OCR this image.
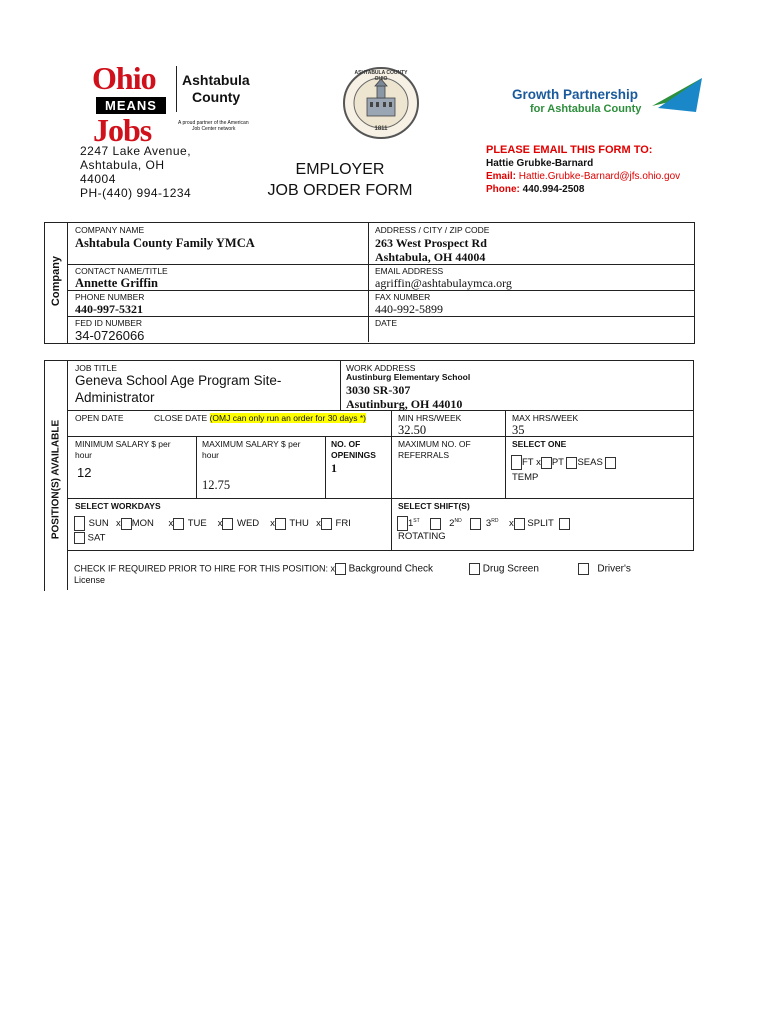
Ohio
MEANS
Jobs
Ashtabula
County
A proud partner of the American
Job Center network
ASHTABULA COUNTY OHIO
1811
Growth Partnership
for Ashtabula County
2247 Lake Avenue,
Ashtabula, OH
44004
PH-(440) 994-1234
EMPLOYER
JOB ORDER FORM
PLEASE EMAIL THIS FORM TO:
Hattie Grubke-Barnard
Email: Hattie.Grubke-Barnard@jfs.ohio.gov
Phone: 440.994-2508
Company
COMPANY NAME
Ashtabula County Family YMCA
ADDRESS / CITY / ZIP CODE
263 West Prospect Rd
Ashtabula, OH 44004
CONTACT NAME/TITLE
Annette Griffin
EMAIL ADDRESS
agriffin@ashtabulaymca.org
PHONE NUMBER
440-997-5321
FAX NUMBER
440-992-5899
FED ID NUMBER
34-0726066
DATE
POSITION(S) AVAILABLE
JOB TITLE
Geneva School Age Program Site-
Administrator
WORK ADDRESS
Austinburg Elementary School
3030 SR-307
Asutinburg, OH 44010
OPEN DATE	CLOSE DATE (OMJ can only run an order for 30 days *)	MIN HRS/WEEK
32.50
MAX HRS/WEEK
35
MINIMUM SALARY $ per
hour
12
MAXIMUM SALARY $ per
hour
12.75
NO. OF
OPENINGS
1
MAXIMUM NO. OF
REFERRALS
SELECT ONE
FT x PT SEAS
TEMP
SELECT WORKDAYS
SUN x MON x TUE x WED x THU x FRI
SAT
SELECT SHIFT(S)
1ST	2ND	3RD x SPLIT
ROTATING
CHECK IF REQUIRED PRIOR TO HIRE FOR THIS POSITION: x Background Check	Drug Screen	Driver's
License
